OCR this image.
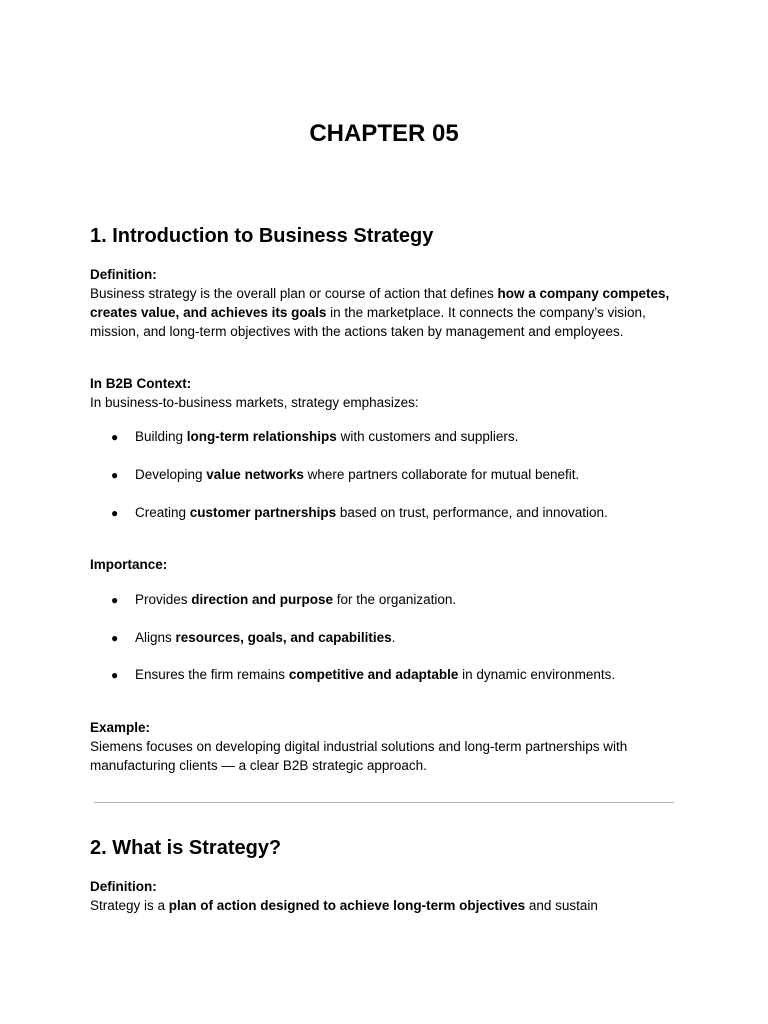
CHAPTER 05
1. Introduction to Business Strategy

Definition:

Business strategy is the overall plan or course of action that defines how a company competes, creates value, and achieves its goals in the marketplace. It connects the company’s vision, mission, and long-term objectives with the actions taken by management and employees.

In B2B Context:

In business-to-business markets, strategy emphasizes:

● Building long-term relationships with customers and suppliers.

● Developing value networks where partners collaborate for mutual benefit.

● Creating customer partnerships based on trust, performance, and innovation.

Importance:

● Provides direction and purpose for the organization.

● Aligns resources, goals, and capabilities.

● Ensures the firm remains competitive and adaptable in dynamic environments.

Example:

Siemens focuses on developing digital industrial solutions and long-term partnerships with manufacturing clients — a clear B2B strategic approach.

2. What is Strategy?

Definition:

Strategy is a plan of action designed to achieve long-term objectives and sustain
